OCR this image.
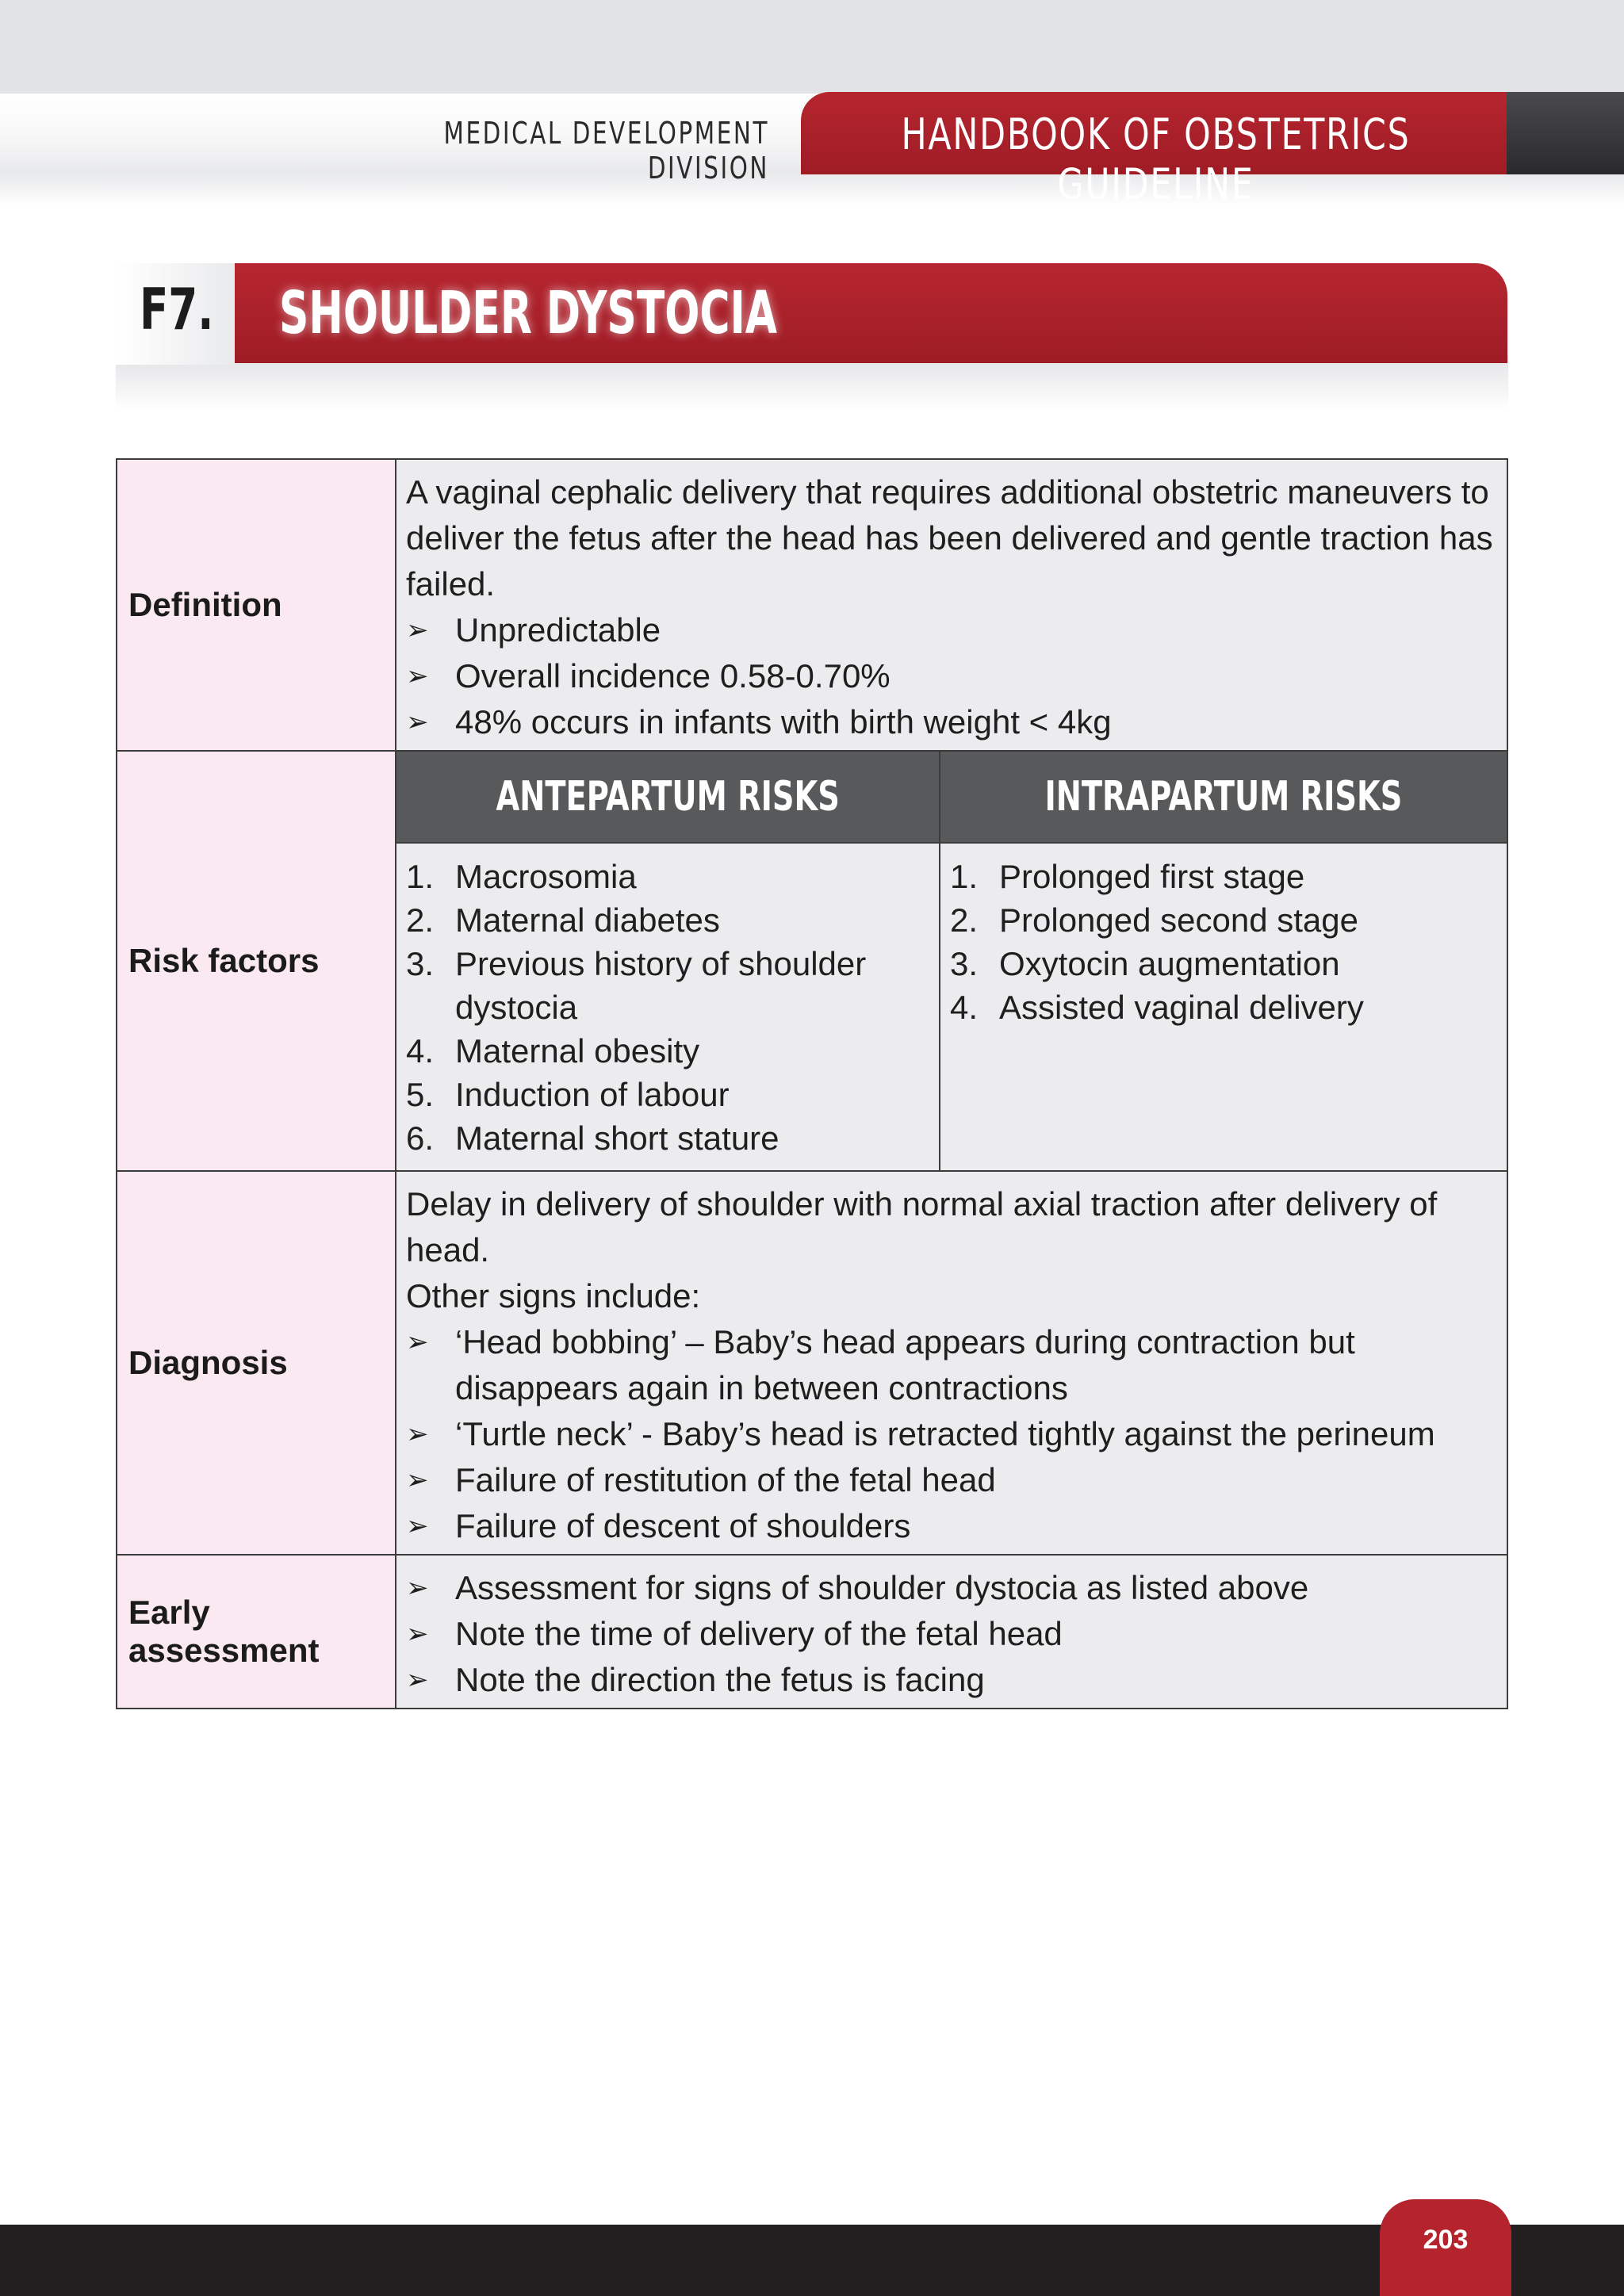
MEDICAL DEVELOPMENT DIVISION
HANDBOOK OF OBSTETRICS GUIDELINE
F7. SHOULDER DYSTOCIA
Definition	
A vaginal cephalic delivery that requires additional obstetric maneuvers to deliver the fetus after the head has been delivered and gentle traction has failed.
➢ Unpredictable
➢ Overall incidence 0.58-0.70%
➢ 48% occurs in infants with birth weight < 4kg

Risk factors	
ANTEPARTUM RISKS	INTRAPARTUM RISKS

1. Macrosomia
2. Maternal diabetes
3. Previous history of shoulder dystocia
4. Maternal obesity
5. Induction of labour
6. Maternal short stature

1. Prolonged first stage
2. Prolonged second stage
3. Oxytocin augmentation
4. Assisted vaginal delivery

Diagnosis	
Delay in delivery of shoulder with normal axial traction after delivery of head.
Other signs include:
➢ ‘Head bobbing’ – Baby’s head appears during contraction but disappears again in between contractions
➢ ‘Turtle neck’ - Baby’s head is retracted tightly against the perineum
➢ Failure of restitution of the fetal head
➢ Failure of descent of shoulders

Early assessment	
➢ Assessment for signs of shoulder dystocia as listed above
➢ Note the time of delivery of the fetal head
➢ Note the direction the fetus is facing
203
